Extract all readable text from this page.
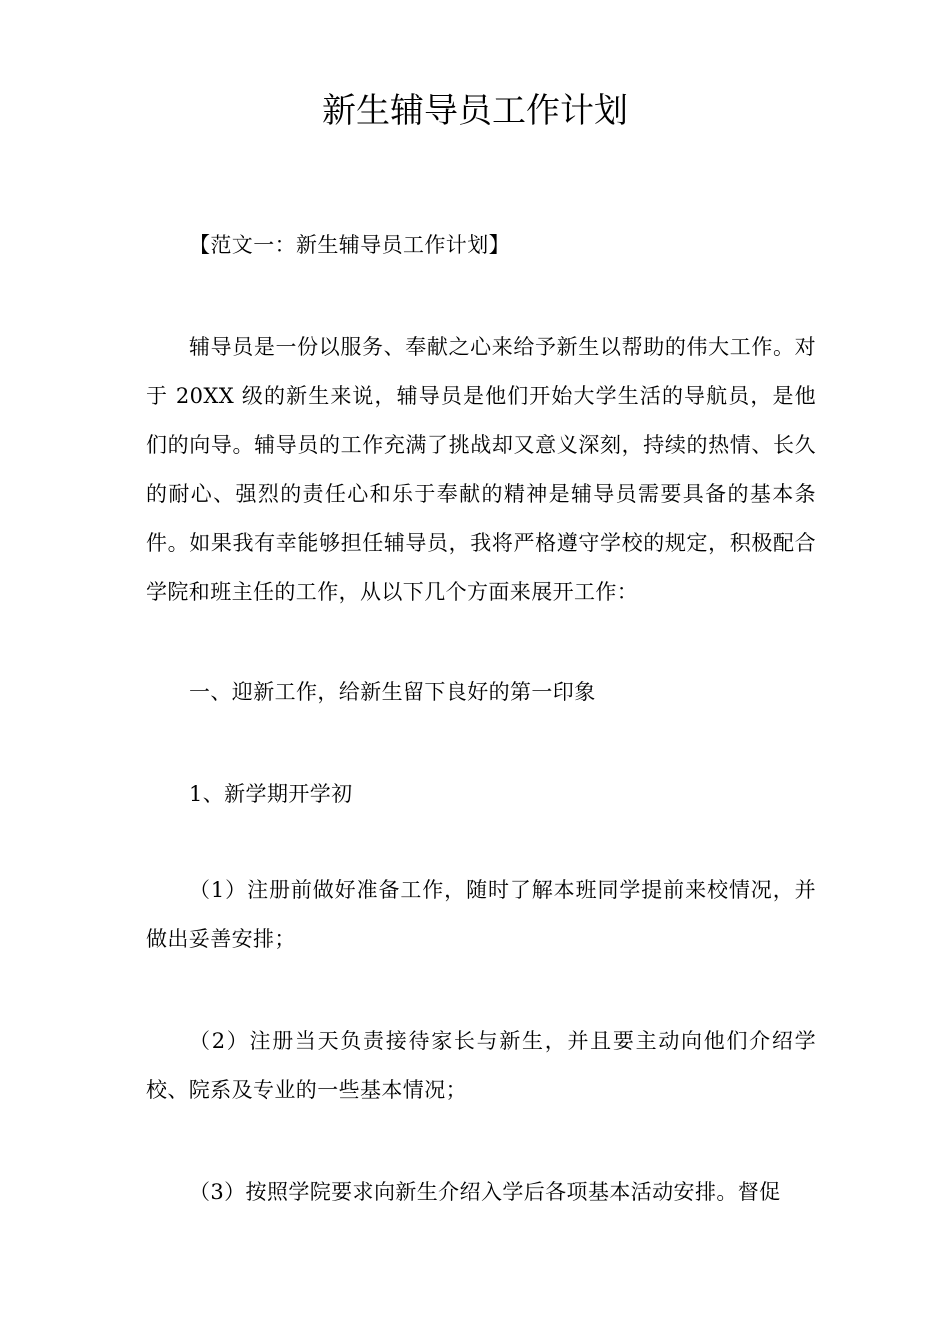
新生辅导员工作计划

【范文一：新生辅导员工作计划】

辅导员是一份以服务、奉献之心来给予新生以帮助的伟大工作。对于 20XX 级的新生来说，辅导员是他们开始大学生活的导航员，是他们的向导。辅导员的工作充满了挑战却又意义深刻，持续的热情、长久的耐心、强烈的责任心和乐于奉献的精神是辅导员需要具备的基本条件。如果我有幸能够担任辅导员，我将严格遵守学校的规定，积极配合学院和班主任的工作，从以下几个方面来展开工作：

一、迎新工作，给新生留下良好的第一印象

1、新学期开学初

（1）注册前做好准备工作，随时了解本班同学提前来校情况，并做出妥善安排；

（2）注册当天负责接待家长与新生，并且要主动向他们介绍学校、院系及专业的一些基本情况；

（3）按照学院要求向新生介绍入学后各项基本活动安排。督促
